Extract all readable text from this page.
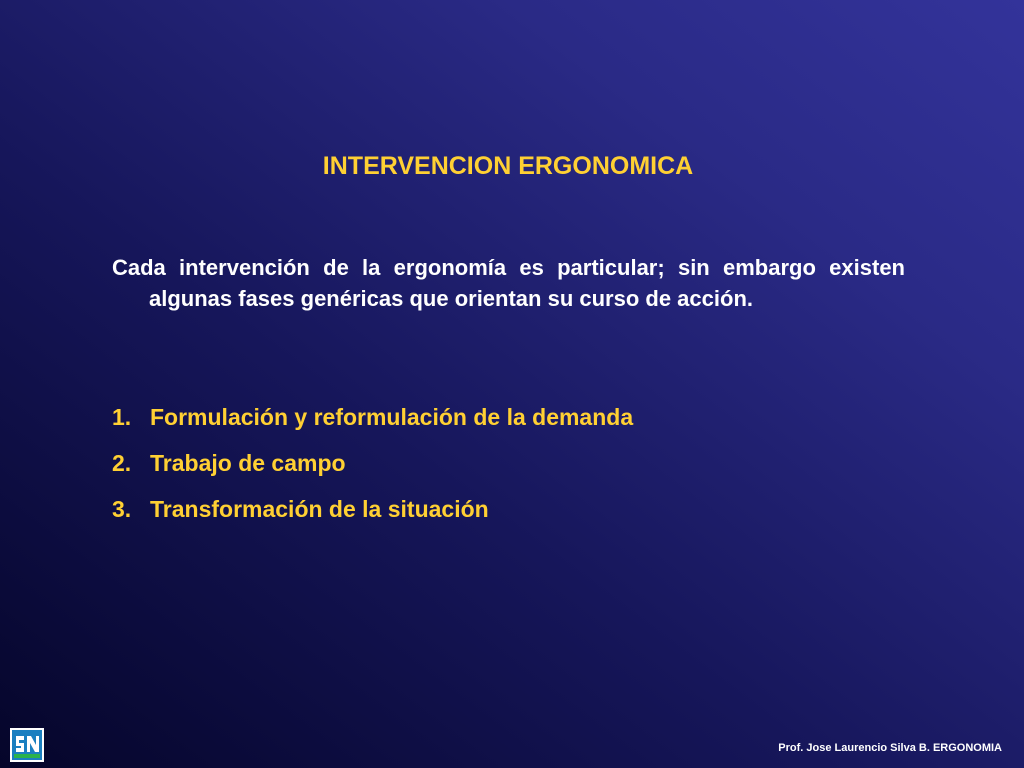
INTERVENCION ERGONOMICA

Cada intervención de la ergonomía es particular; sin embargo existen algunas fases genéricas que orientan su curso de acción.

1. Formulación y reformulación de la demanda
2. Trabajo de campo
3. Transformación de la situación
Prof. Jose Laurencio Silva B. ERGONOMIA
